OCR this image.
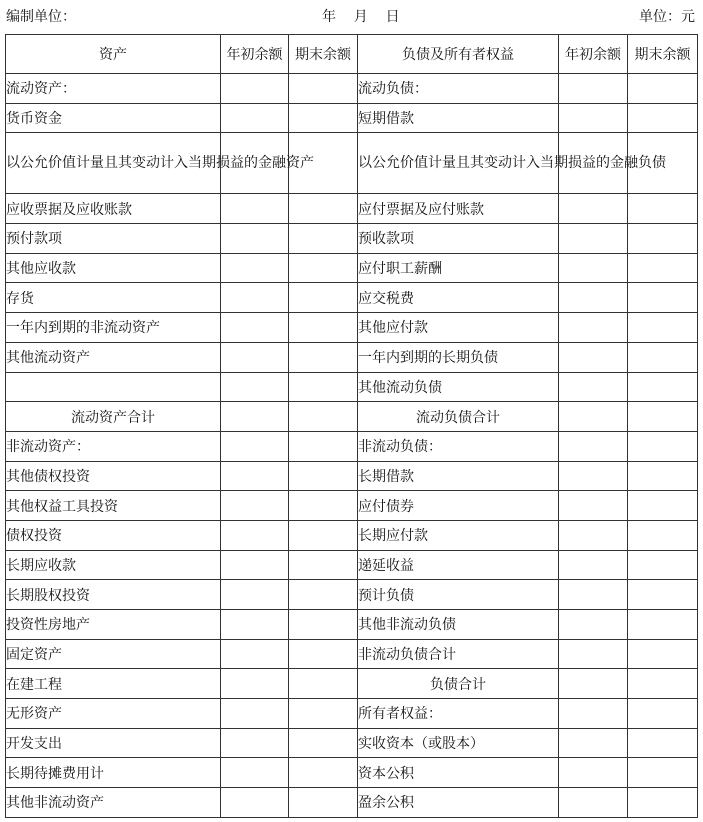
编制单位：	年    月    日	单位：元
资产	年初余额	期末余额	负债及所有者权益	年初余额	期末余额
流动资产：			流动负债：		
货币资金			短期借款		
以公允价值计量且其变动计入当期损益的金融资产			以公允价值计量且其变动计入当期损益的金融负债		
应收票据及应收账款			应付票据及应付账款		
预付款项			预收款项		
其他应收款			应付职工薪酬		
存货			应交税费		
一年内到期的非流动资产			其他应付款		
其他流动资产			一年内到期的长期负债		
			其他流动负债		
流动资产合计			流动负债合计		
非流动资产：			非流动负债：		
其他债权投资			长期借款		
其他权益工具投资			应付债券		
债权投资			长期应付款		
长期应收款			递延收益		
长期股权投资			预计负债		
投资性房地产			其他非流动负债		
固定资产			非流动负债合计		
在建工程			负债合计		
无形资产			所有者权益：		
开发支出			实收资本（或股本）		
长期待摊费用计			资本公积		
其他非流动资产			盈余公积		
